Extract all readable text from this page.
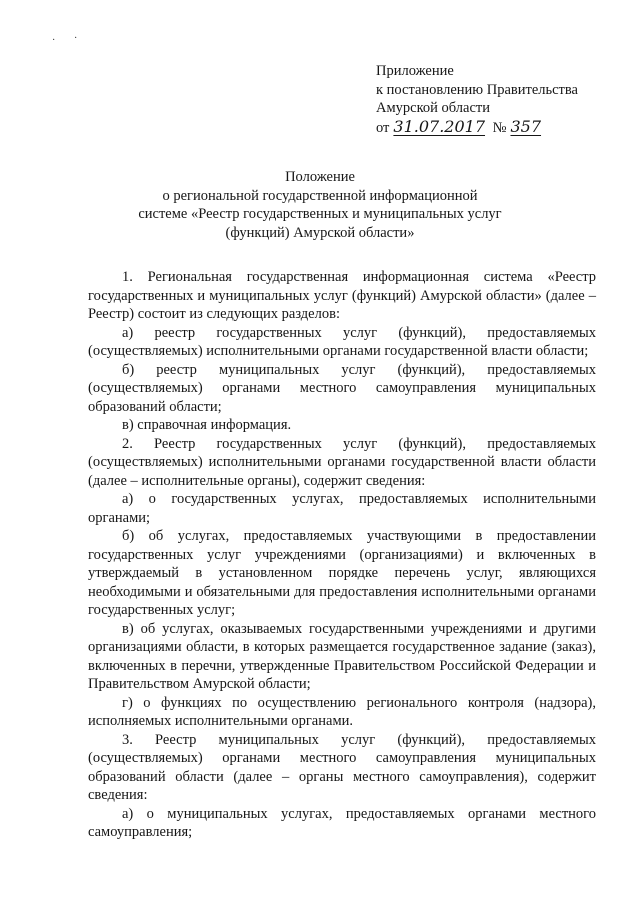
· ·
Приложение
к постановлению Правительства
Амурской области
от 31.07.2017 № 357
Положение
о региональной государственной информационной
системе «Реестр государственных и муниципальных услуг
(функций) Амурской области»

1. Региональная государственная информационная система «Реестр государственных и муниципальных услуг (функций) Амурской области» (далее – Реестр) состоит из следующих разделов:

а) реестр государственных услуг (функций), предоставляемых (осуществляемых) исполнительными органами государственной власти области;

б) реестр муниципальных услуг (функций), предоставляемых (осуществляемых) органами местного самоуправления муниципальных образований области;

в) справочная информация.

2. Реестр государственных услуг (функций), предоставляемых (осуществляемых) исполнительными органами государственной власти области (далее – исполнительные органы), содержит сведения:

а) о государственных услугах, предоставляемых исполнительными органами;

б) об услугах, предоставляемых участвующими в предоставлении государственных услуг учреждениями (организациями) и включенных в утверждаемый в установленном порядке перечень услуг, являющихся необходимыми и обязательными для предоставления исполнительными органами государственных услуг;

в) об услугах, оказываемых государственными учреждениями и другими организациями области, в которых размещается государственное задание (заказ), включенных в перечни, утвержденные Правительством Российской Федерации и Правительством Амурской области;

г) о функциях по осуществлению регионального контроля (надзора), исполняемых исполнительными органами.

3. Реестр муниципальных услуг (функций), предоставляемых (осуществляемых) органами местного самоуправления муниципальных образований области (далее – органы местного самоуправления), содержит сведения:

а) о муниципальных услугах, предоставляемых органами местного самоуправления;
